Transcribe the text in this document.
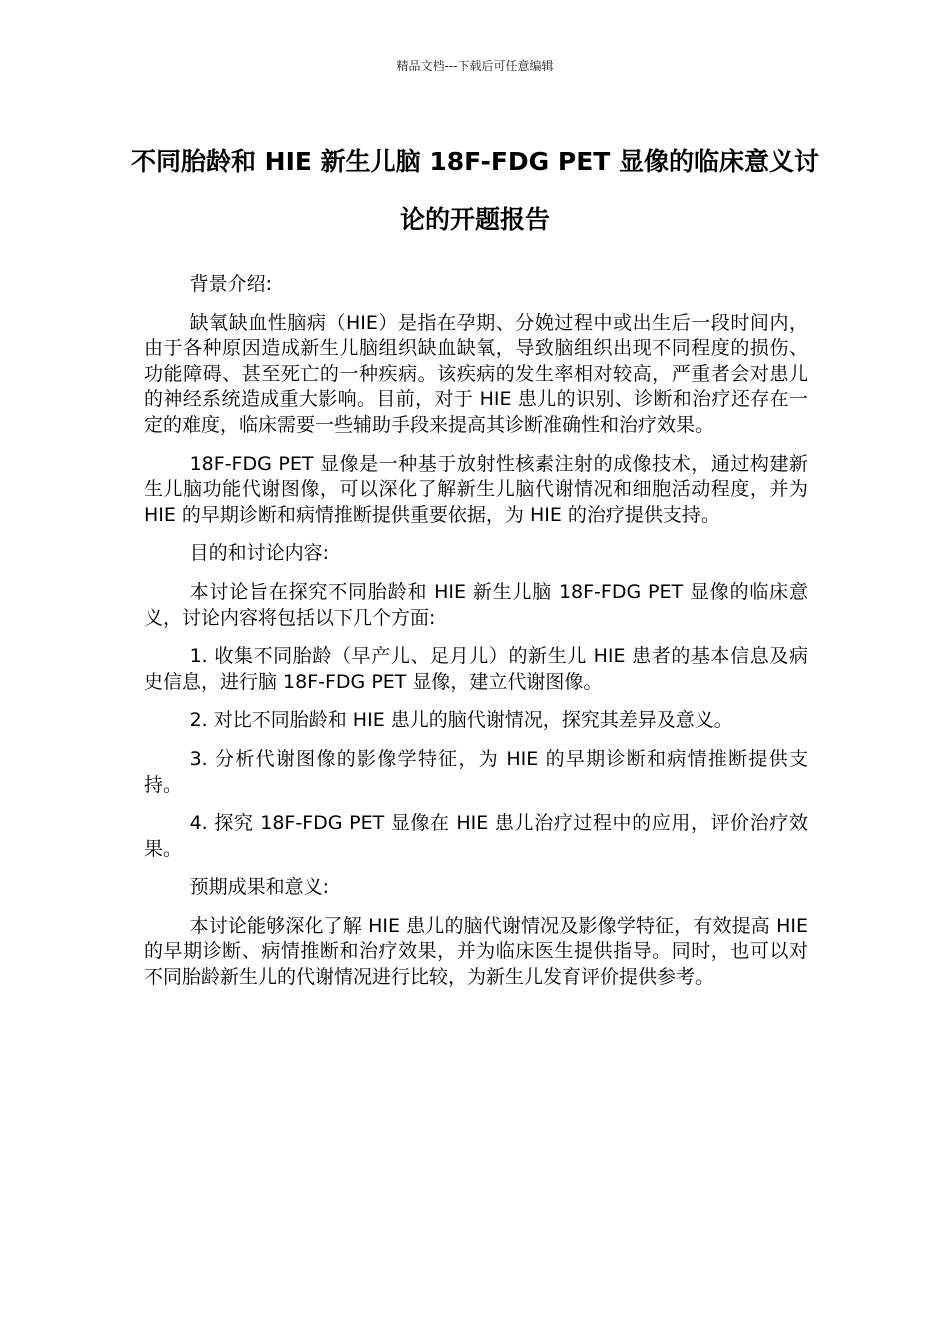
精品文档---下载后可任意编辑
不同胎龄和 HIE 新生儿脑 18F-FDG PET 显像的临床意义讨论的开题报告

背景介绍:

缺氧缺血性脑病（HIE）是指在孕期、分娩过程中或出生后一段时间内，由于各种原因造成新生儿脑组织缺血缺氧，导致脑组织出现不同程度的损伤、功能障碍、甚至死亡的一种疾病。该疾病的发生率相对较高，严重者会对患儿的神经系统造成重大影响。目前，对于 HIE 患儿的识别、诊断和治疗还存在一定的难度，临床需要一些辅助手段来提高其诊断准确性和治疗效果。

18F-FDG PET 显像是一种基于放射性核素注射的成像技术，通过构建新生儿脑功能代谢图像，可以深化了解新生儿脑代谢情况和细胞活动程度，并为 HIE 的早期诊断和病情推断提供重要依据，为 HIE 的治疗提供支持。

目的和讨论内容:

本讨论旨在探究不同胎龄和 HIE 新生儿脑 18F-FDG PET 显像的临床意义，讨论内容将包括以下几个方面:

1. 收集不同胎龄（早产儿、足月儿）的新生儿 HIE 患者的基本信息及病史信息，进行脑 18F-FDG PET 显像，建立代谢图像。

2. 对比不同胎龄和 HIE 患儿的脑代谢情况，探究其差异及意义。

3. 分析代谢图像的影像学特征，为 HIE 的早期诊断和病情推断提供支持。

4. 探究 18F-FDG PET 显像在 HIE 患儿治疗过程中的应用，评价治疗效果。

预期成果和意义:

本讨论能够深化了解 HIE 患儿的脑代谢情况及影像学特征，有效提高 HIE 的早期诊断、病情推断和治疗效果，并为临床医生提供指导。同时，也可以对不同胎龄新生儿的代谢情况进行比较，为新生儿发育评价提供参考。
